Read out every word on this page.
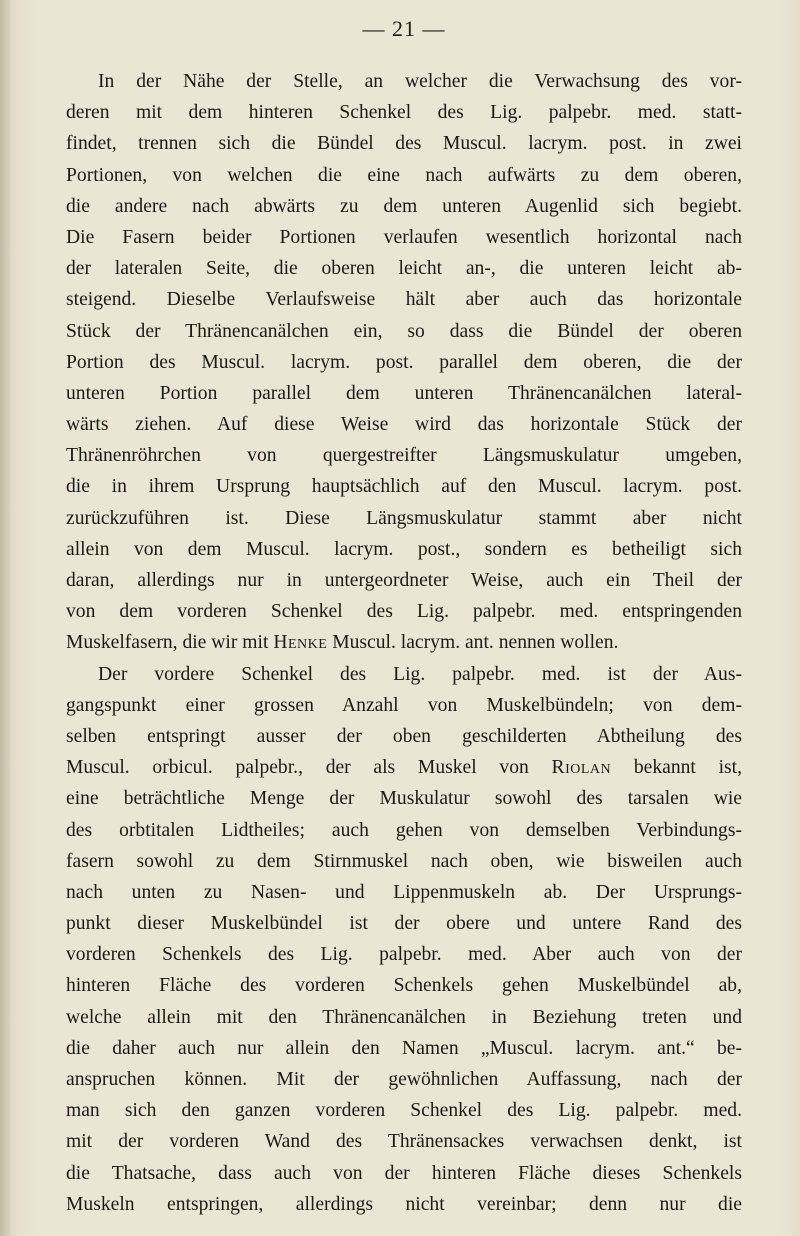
— 21 —
In der Nähe der Stelle, an welcher die Verwachsung des vor-
deren mit dem hinteren Schenkel des Lig. palpebr. med. statt-
findet, trennen sich die Bündel des Muscul. lacrym. post. in zwei
Portionen, von welchen die eine nach aufwärts zu dem oberen,
die andere nach abwärts zu dem unteren Augenlid sich begiebt.
Die Fasern beider Portionen verlaufen wesentlich horizontal nach
der lateralen Seite, die oberen leicht an-, die unteren leicht ab-
steigend. Dieselbe Verlaufsweise hält aber auch das horizontale
Stück der Thränencanälchen ein, so dass die Bündel der oberen
Portion des Muscul. lacrym. post. parallel dem oberen, die der
unteren Portion parallel dem unteren Thränencanälchen lateral-
wärts ziehen. Auf diese Weise wird das horizontale Stück der
Thränenröhrchen von quergestreifter Längsmuskulatur umgeben,
die in ihrem Ursprung hauptsächlich auf den Muscul. lacrym. post.
zurückzuführen ist. Diese Längsmuskulatur stammt aber nicht
allein von dem Muscul. lacrym. post., sondern es betheiligt sich
daran, allerdings nur in untergeordneter Weise, auch ein Theil der
von dem vorderen Schenkel des Lig. palpebr. med. entspringenden
Muskelfasern, die wir mit Henke Muscul. lacrym. ant. nennen wollen.
Der vordere Schenkel des Lig. palpebr. med. ist der Aus-
gangspunkt einer grossen Anzahl von Muskelbündeln; von dem-
selben entspringt ausser der oben geschilderten Abtheilung des
Muscul. orbicul. palpebr., der als Muskel von Riolan bekannt ist,
eine beträchtliche Menge der Muskulatur sowohl des tarsalen wie
des orbtitalen Lidtheiles; auch gehen von demselben Verbindungs-
fasern sowohl zu dem Stirnmuskel nach oben, wie bisweilen auch
nach unten zu Nasen- und Lippenmuskeln ab. Der Ursprungs-
punkt dieser Muskelbündel ist der obere und untere Rand des
vorderen Schenkels des Lig. palpebr. med. Aber auch von der
hinteren Fläche des vorderen Schenkels gehen Muskelbündel ab,
welche allein mit den Thränencanälchen in Beziehung treten und
die daher auch nur allein den Namen „Muscul. lacrym. ant.“ be-
anspruchen können. Mit der gewöhnlichen Auffassung, nach der
man sich den ganzen vorderen Schenkel des Lig. palpebr. med.
mit der vorderen Wand des Thränensackes verwachsen denkt, ist
die Thatsache, dass auch von der hinteren Fläche dieses Schenkels
Muskeln entspringen, allerdings nicht vereinbar; denn nur die
